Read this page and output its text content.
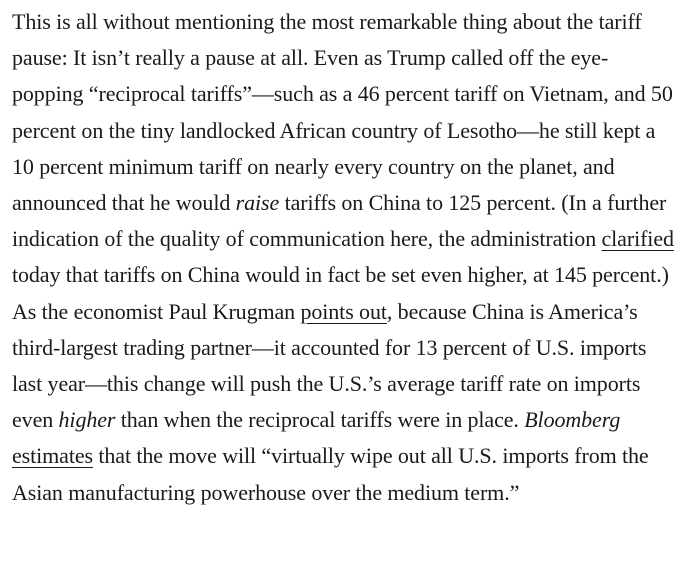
This is all without mentioning the most remarkable thing about the tariff pause: It isn’t really a pause at all. Even as Trump called off the eye-popping “reciprocal tariffs”—such as a 46 percent tariff on Vietnam, and 50 percent on the tiny landlocked African country of Lesotho—he still kept a 10 percent minimum tariff on nearly every country on the planet, and announced that he would raise tariffs on China to 125 percent. (In a further indication of the quality of communication here, the administration clarified today that tariffs on China would in fact be set even higher, at 145 percent.) As the economist Paul Krugman points out, because China is America’s third-largest trading partner—it accounted for 13 percent of U.S. imports last year—this change will push the U.S.’s average tariff rate on imports even higher than when the reciprocal tariffs were in place. Bloomberg estimates that the move will “virtually wipe out all U.S. imports from the Asian manufacturing powerhouse over the medium term.”
